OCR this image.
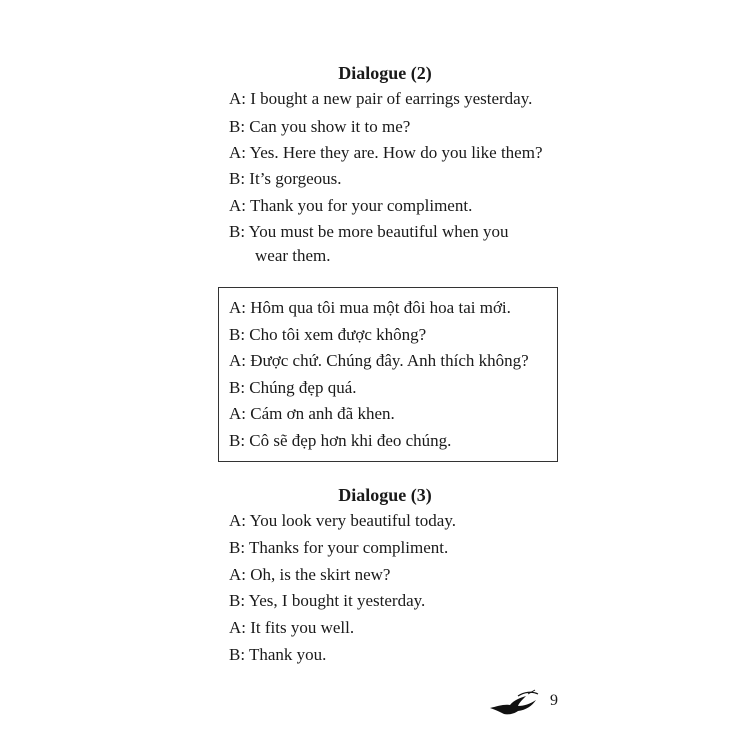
Dialogue (2)
A: I bought a new pair of earrings yesterday.
B: Can you show it to me?
A: Yes. Here they are. How do you like them?
B: It’s gorgeous.
A: Thank you for your compliment.
B: You must be more beautiful when you
wear them.
A: Hôm qua tôi mua một đôi hoa tai mới.
B: Cho tôi xem được không?
A: Được chứ. Chúng đây. Anh thích không?
B: Chúng đẹp quá.
A: Cám ơn anh đã khen.
B: Cô sẽ đẹp hơn khi đeo chúng.
Dialogue (3)
A: You look very beautiful today.
B: Thanks for your compliment.
A: Oh, is the skirt new?
B: Yes, I bought it yesterday.
A: It fits you well.
B: Thank you.
9
